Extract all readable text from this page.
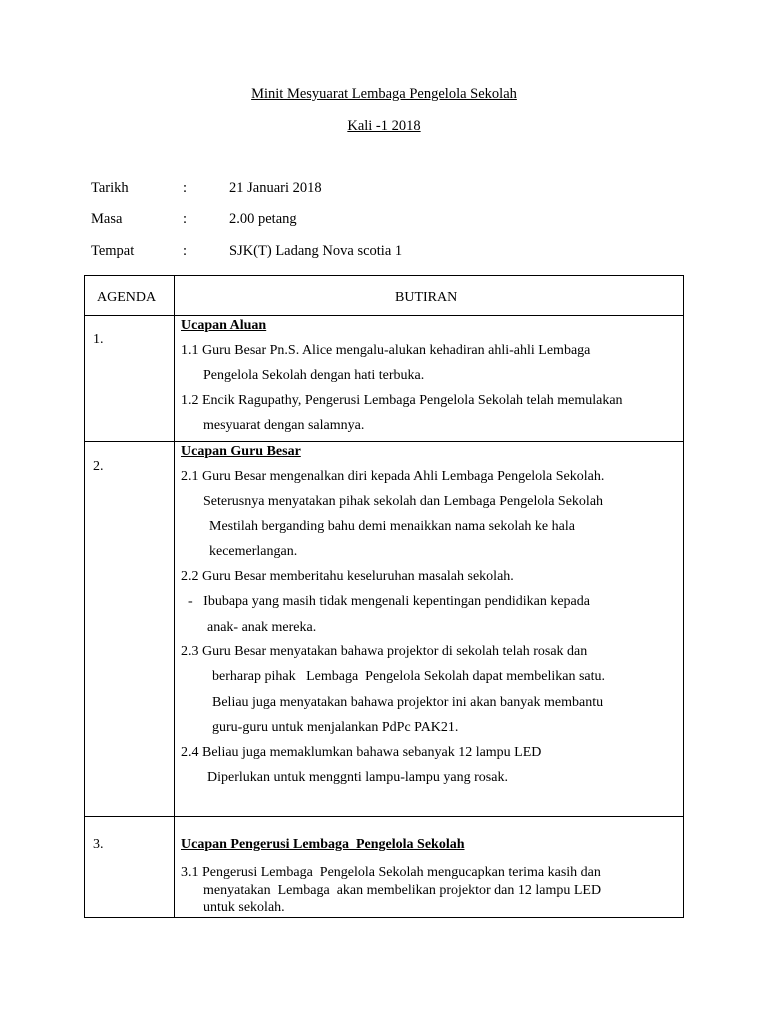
Minit Mesyuarat Lembaga Pengelola Sekolah
Kali -1 2018
Tarikh	:	21 Januari 2018
Masa	:	2.00 petang
Tempat	:	SJK(T) Ladang Nova scotia 1
AGENDA	BUTIRAN
1.
Ucapan Aluan
1.1 Guru Besar Pn.S. Alice mengalu-alukan kehadiran ahli-ahli Lembaga
Pengelola Sekolah dengan hati terbuka.
1.2 Encik Ragupathy, Pengerusi Lembaga Pengelola Sekolah telah memulakan
mesyuarat dengan salamnya.
2.
Ucapan Guru Besar
2.1 Guru Besar mengenalkan diri kepada Ahli Lembaga Pengelola Sekolah.
Seterusnya menyatakan pihak sekolah dan Lembaga Pengelola Sekolah
Mestilah berganding bahu demi menaikkan nama sekolah ke hala
kecemerlangan.
2.2 Guru Besar memberitahu keseluruhan masalah sekolah.
-   Ibubapa yang masih tidak mengenali kepentingan pendidikan kepada
anak- anak mereka.
2.3 Guru Besar menyatakan bahawa projektor di sekolah telah rosak dan
berharap pihak   Lembaga  Pengelola Sekolah dapat membelikan satu.
Beliau juga menyatakan bahawa projektor ini akan banyak membantu
guru-guru untuk menjalankan PdPc PAK21.
2.4 Beliau juga memaklumkan bahawa sebanyak 12 lampu LED
Diperlukan untuk menggnti lampu-lampu yang rosak.
3.	Ucapan Pengerusi Lembaga  Pengelola Sekolah
3.1 Pengerusi Lembaga  Pengelola Sekolah mengucapkan terima kasih dan
menyatakan  Lembaga  akan membelikan projektor dan 12 lampu LED
untuk sekolah.
